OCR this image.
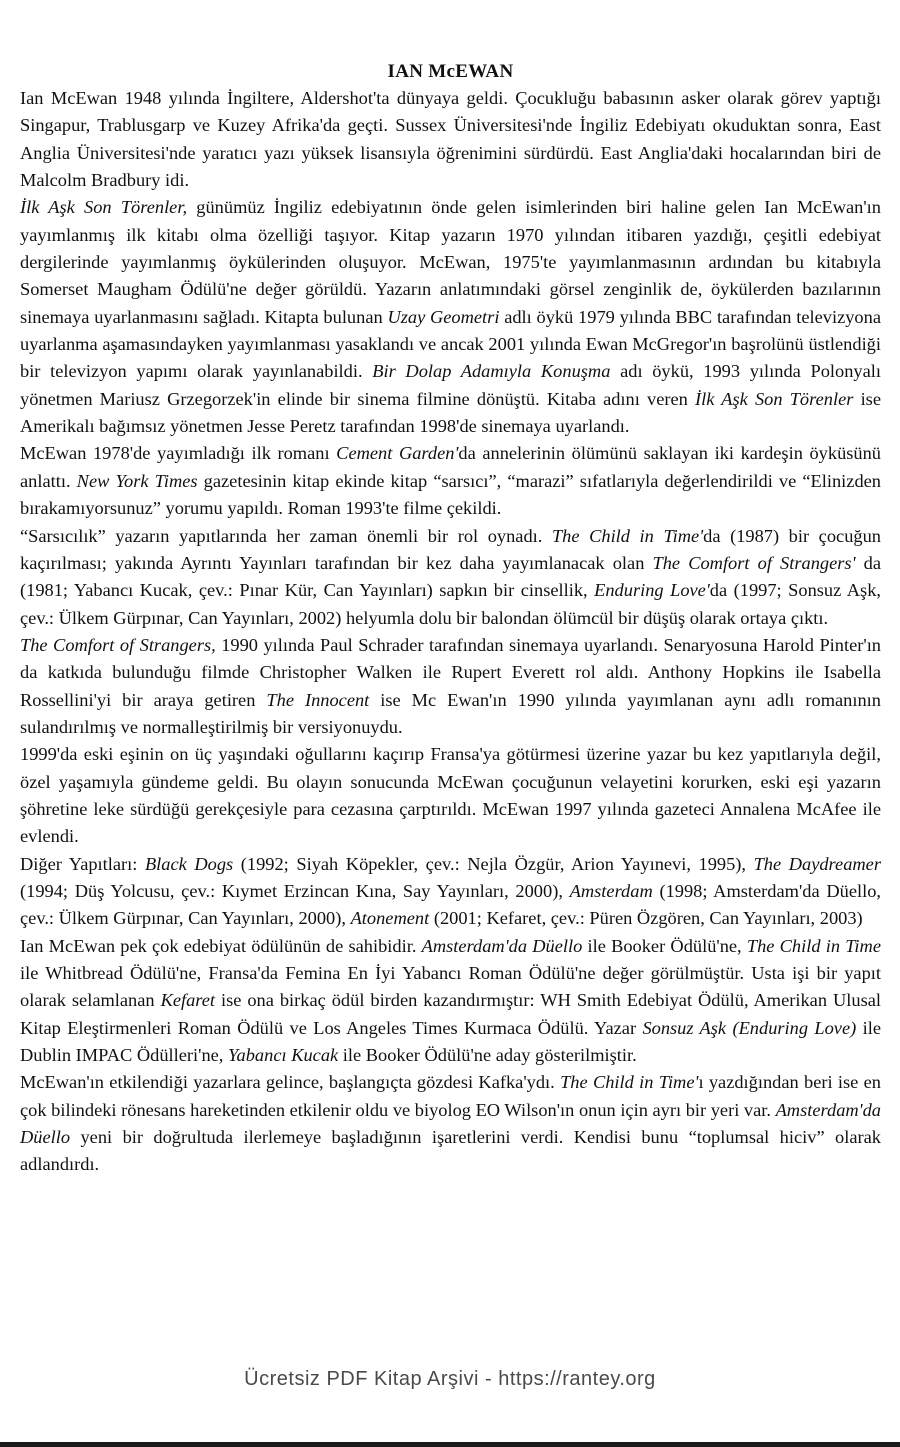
IAN McEWAN

Ian McEwan 1948 yılında İngiltere, Aldershot'ta dünyaya geldi. Çocukluğu babasının asker olarak görev yaptığı Singapur, Trablusgarp ve Kuzey Afrika'da geçti. Sussex Üniversitesi'nde İngiliz Edebiyatı okuduktan sonra, East Anglia Üniversitesi'nde yaratıcı yazı yüksek lisansıyla öğrenimini sürdürdü. East Anglia'daki hocalarından biri de Malcolm Bradbury idi.

İlk Aşk Son Törenler, günümüz İngiliz edebiyatının önde gelen isimlerinden biri haline gelen Ian McEwan'ın yayımlanmış ilk kitabı olma özelliği taşıyor. Kitap yazarın 1970 yılından itibaren yazdığı, çeşitli edebiyat dergilerinde yayımlanmış öykülerinden oluşuyor. McEwan, 1975'te yayımlanmasının ardından bu kitabıyla Somerset Maugham Ödülü'ne değer görüldü. Yazarın anlatımındaki görsel zenginlik de, öykülerden bazılarının sinemaya uyarlanmasını sağladı. Kitapta bulunan Uzay Geometri adlı öykü 1979 yılında BBC tarafından televizyona uyarlanma aşamasındayken yayımlanması yasaklandı ve ancak 2001 yılında Ewan McGregor'ın başrolünü üstlendiği bir televizyon yapımı olarak yayınlanabildi. Bir Dolap Adamıyla Konuşma adı öykü, 1993 yılında Polonyalı yönetmen Mariusz Grzegorzek'in elinde bir sinema filmine dönüştü. Kitaba adını veren İlk Aşk Son Törenler ise Amerikalı bağımsız yönetmen Jesse Peretz tarafından 1998'de sinemaya uyarlandı.

McEwan 1978'de yayımladığı ilk romanı Cement Garden'da annelerinin ölümünü saklayan iki kardeşin öyküsünü anlattı. New York Times gazetesinin kitap ekinde kitap “sarsıcı”, “marazi” sıfatlarıyla değerlendirildi ve “Elinizden bırakamıyorsunuz” yorumu yapıldı. Roman 1993'te filme çekildi.

“Sarsıcılık” yazarın yapıtlarında her zaman önemli bir rol oynadı. The Child in Time'da (1987) bir çocuğun kaçırılması; yakında Ayrıntı Yayınları tarafından bir kez daha yayımlanacak olan The Comfort of Strangers' da (1981; Yabancı Kucak, çev.: Pınar Kür, Can Yayınları) sapkın bir cinsellik, Enduring Love'da (1997; Sonsuz Aşk, çev.: Ülkem Gürpınar, Can Yayınları, 2002) helyumla dolu bir balondan ölümcül bir düşüş olarak ortaya çıktı.

The Comfort of Strangers, 1990 yılında Paul Schrader tarafından sinemaya uyarlandı. Senaryosuna Harold Pinter'ın da katkıda bulunduğu filmde Christopher Walken ile Rupert Everett rol aldı. Anthony Hopkins ile Isabella Rossellini'yi bir araya getiren The Innocent ise Mc Ewan'ın 1990 yılında yayımlanan aynı adlı romanının sulandırılmış ve normalleştirilmiş bir versiyonuydu.

1999'da eski eşinin on üç yaşındaki oğullarını kaçırıp Fransa'ya götürmesi üzerine yazar bu kez yapıtlarıyla değil, özel yaşamıyla gündeme geldi. Bu olayın sonucunda McEwan çocuğunun velayetini korurken, eski eşi yazarın şöhretine leke sürdüğü gerekçesiyle para cezasına çarptırıldı. McEwan 1997 yılında gazeteci Annalena McAfee ile evlendi.

Diğer Yapıtları: Black Dogs (1992; Siyah Köpekler, çev.: Nejla Özgür, Arion Yayınevi, 1995), The Daydreamer (1994; Düş Yolcusu, çev.: Kıymet Erzincan Kına, Say Yayınları, 2000), Amsterdam (1998; Amsterdam'da Düello, çev.: Ülkem Gürpınar, Can Yayınları, 2000), Atonement (2001; Kefaret, çev.: Püren Özgören, Can Yayınları, 2003)

Ian McEwan pek çok edebiyat ödülünün de sahibidir. Amsterdam'da Düello ile Booker Ödülü'ne, The Child in Time ile Whitbread Ödülü'ne, Fransa'da Femina En İyi Yabancı Roman Ödülü'ne değer görülmüştür. Usta işi bir yapıt olarak selamlanan Kefaret ise ona birkaç ödül birden kazandırmıştır: WH Smith Edebiyat Ödülü, Amerikan Ulusal Kitap Eleştirmenleri Roman Ödülü ve Los Angeles Times Kurmaca Ödülü. Yazar Sonsuz Aşk (Enduring Love) ile Dublin IMPAC Ödülleri'ne, Yabancı Kucak ile Booker Ödülü'ne aday gösterilmiştir.

McEwan'ın etkilendiği yazarlara gelince, başlangıçta gözdesi Kafka'ydı. The Child in Time'ı yazdığından beri ise en çok bilindeki rönesans hareketinden etkilenir oldu ve biyolog EO Wilson'ın onun için ayrı bir yeri var. Amsterdam'da Düello yeni bir doğrultuda ilerlemeye başladığının işaretlerini verdi. Kendisi bunu “toplumsal hiciv” olarak adlandırdı.

Ücretsiz PDF Kitap Arşivi - https://rantey.org
